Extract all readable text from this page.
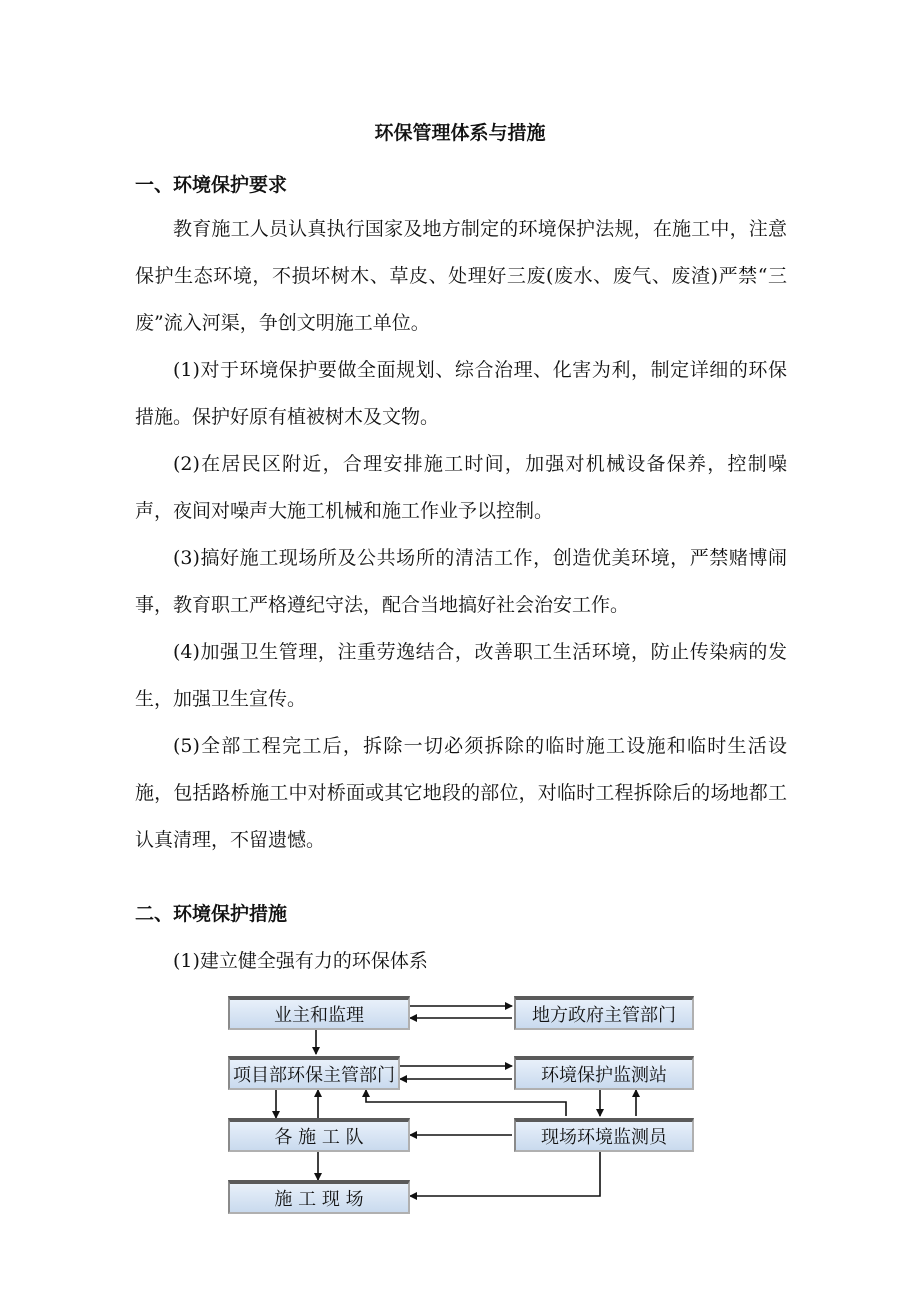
环保管理体系与措施
一、环境保护要求

教育施工人员认真执行国家及地方制定的环境保护法规，在施工中，注意保护生态环境，不损坏树木、草皮、处理好三废(废水、废气、废渣)严禁“三废”流入河渠，争创文明施工单位。

(1)对于环境保护要做全面规划、综合治理、化害为利，制定详细的环保措施。保护好原有植被树木及文物。

(2)在居民区附近，合理安排施工时间，加强对机械设备保养，控制噪声，夜间对噪声大施工机械和施工作业予以控制。

(3)搞好施工现场所及公共场所的清洁工作，创造优美环境，严禁赌博闹事，教育职工严格遵纪守法，配合当地搞好社会治安工作。

(4)加强卫生管理，注重劳逸结合，改善职工生活环境，防止传染病的发生，加强卫生宣传。

(5)全部工程完工后，拆除一切必须拆除的临时施工设施和临时生活设施，包括路桥施工中对桥面或其它地段的部位，对临时工程拆除后的场地都工认真清理，不留遗憾。

二、环境保护措施
(1)建立健全强有力的环保体系
业主和监理	地方政府主管部门
项目部环保主管部门	环境保护监测站
各 施 工 队	现场环境监测员
施 工 现 场
